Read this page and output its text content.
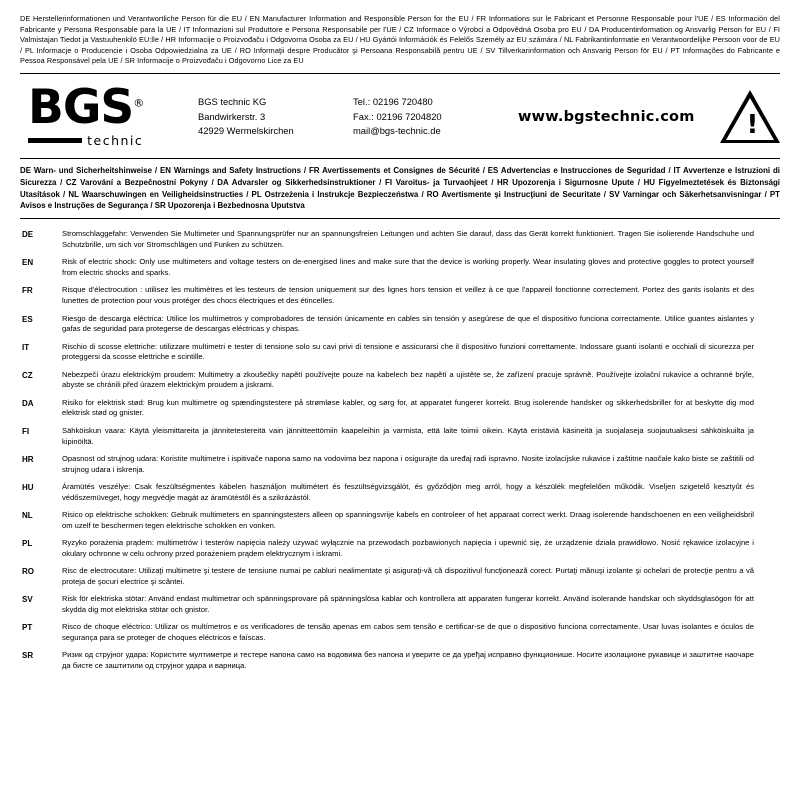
DE Herstellerinformationen und Verantwortliche Person für die EU / EN Manufacturer Information and Responsible Person for the EU / FR Informations sur le Fabricant et Personne Responsable pour l'UE / ES Información del Fabricante y Persona Responsable para la UE / IT Informazioni sul Produttore e Persona Responsabile per l'UE / CZ Informace o Výrobci a Odpovědná Osoba pro EU / DA Producentinformation og Ansvarlig Person for EU / FI Valmistajan Tiedot ja Vastuuhenkilö EU:lle / HR Informacije o Proizvođaču i Odgovorna Osoba za EU / HU Gyártói Információk és Felelős Személy az EU számára / NL Fabrikantinformatie en Verantwoordelijke Persoon voor de EU / PL Informacje o Producencie i Osoba Odpowiedzialna za UE / RO Informaţii despre Producător şi Persoana Responsabilă pentru UE / SV Tillverkarinformation och Ansvarig Person för EU / PT Informações do Fabricante e Pessoa Responsável pela UE / SR Informacije o Proizvođaču i Odgovorno Lice za EU
BGS®
technic
BGS technic KG
Bandwirkerstr. 3
42929 Wermelskirchen
Tel.: 02196 720480
Fax.: 02196 7204820
mail@bgs-technic.de
www.bgstechnic.com !
DE Warn- und Sicherheitshinweise / EN Warnings and Safety Instructions / FR Avertissements et Consignes de Sécurité / ES Advertencias e Instrucciones de Seguridad / IT Avvertenze e Istruzioni di Sicurezza / CZ Varování a Bezpečnostní Pokyny / DA Advarsler og Sikkerhedsinstruktioner / FI Varoitus- ja Turvaohjeet / HR Upozorenja i Sigurnosne Upute / HU Figyelmeztetések és Biztonsági Utasítások / NL Waarschuwingen en Veiligheidsinstructies / PL Ostrzeżenia i Instrukcje Bezpieczeństwa / RO Avertismente şi Instrucţiuni de Securitate / SV Varningar och Säkerhetsanvisningar / PT Avisos e Instruções de Segurança / SR Upozorenja i Bezbednosna Uputstva
DE	Stromschlaggefahr: Verwenden Sie Multimeter und Spannungsprüfer nur an spannungsfreien Leitungen und achten Sie darauf, dass das Gerät korrekt funktioniert. Tragen Sie isolierende Handschuhe und Schutzbrille, um sich vor Stromschlägen und Funken zu schützen.
EN	Risk of electric shock: Only use multimeters and voltage testers on de-energised lines and make sure that the device is working properly. Wear insulating gloves and protective goggles to protect yourself from electric shocks and sparks.
FR	Risque d'électrocution : utilisez les multimètres et les testeurs de tension uniquement sur des lignes hors tension et veillez à ce que l'appareil fonctionne correctement. Portez des gants isolants et des lunettes de protection pour vous protéger des chocs électriques et des étincelles.
ES	Riesgo de descarga eléctrica: Utilice los multímetros y comprobadores de tensión únicamente en cables sin tensión y asegúrese de que el dispositivo funciona correctamente. Utilice guantes aislantes y gafas de seguridad para protegerse de descargas eléctricas y chispas.
IT	Rischio di scosse elettriche: utilizzare multimetri e tester di tensione solo su cavi privi di tensione e assicurarsi che il dispositivo funzioni correttamente. Indossare guanti isolanti e occhiali di sicurezza per proteggersi da scosse elettriche e scintille.
CZ	Nebezpečí úrazu elektrickým proudem: Multimetry a zkoušečky napětí používejte pouze na kabelech bez napětí a ujistěte se, že zařízení pracuje správně. Používejte izolační rukavice a ochranné brýle, abyste se chránili před úrazem elektrickým proudem a jiskrami.
DA	Risiko for elektrisk stød: Brug kun multimetre og spændingstestere på strømløse kabler, og sørg for, at apparatet fungerer korrekt. Brug isolerende handsker og sikkerhedsbriller for at beskytte dig mod elektrisk stød og gnister.
FI	Sähköiskun vaara: Käytä yleismittareita ja jännitetestereitä vain jännitteettömiin kaapeleihin ja varmista, että laite toimii oikein. Käytä eristäviä käsineitä ja suojalaseja suojautuaksesi sähköiskuilta ja kipinöiltä.
HR	Opasnost od strujnog udara: Koristite multimetre i ispitivače napona samo na vodovima bez napona i osigurajte da uređaj radi ispravno. Nosite izolacijske rukavice i zaštitne naočale kako biste se zaštitili od strujnog udara i iskrenja.
HU	Áramütés veszélye: Csak feszültségmentes kábelen használjon multimétert és feszültségvizsgálót, és győződjön meg arról, hogy a készülék megfelelően működik. Viseljen szigetelő kesztyűt és védőszemüveget, hogy megvédje magát az áramütéstől és a szikrázástól.
NL	Risico op elektrische schokken: Gebruik multimeters en spanningstesters alleen op spanningsvrije kabels en controleer of het apparaat correct werkt. Draag isolerende handschoenen en een veiligheidsbril om uzelf te beschermen tegen elektrische schokken en vonken.
PL	Ryzyko porażenia prądem: multimetrów i testerów napięcia należy używać wyłącznie na przewodach pozbawionych napięcia i upewnić się, że urządzenie działa prawidłowo. Nosić rękawice izolacyjne i okulary ochronne w celu ochrony przed porażeniem prądem elektrycznym i iskrami.
RO	Risc de electrocutare: Utilizaţi multimetre şi testere de tensiune numai pe cabluri nealimentate şi asiguraţi-vă că dispozitivul funcţionează corect. Purtaţi mănuşi izolante şi ochelari de protecţie pentru a vă proteja de şocuri electrice şi scântei.
SV	Risk för elektriska stötar: Använd endast multimetrar och spänningsprovare på spänningslösa kablar och kontrollera att apparaten fungerar korrekt. Använd isolerande handskar och skyddsglasögon för att skydda dig mot elektriska stötar och gnistor.
PT	Risco de choque eléctrico: Utilizar os multímetros e os verificadores de tensão apenas em cabos sem tensão e certificar-se de que o dispositivo funciona correctamente. Usar luvas isolantes e óculos de segurança para se proteger de choques eléctricos e faíscas.
SR	Ризик од струјног удара: Користите мултиметре и тестере напона само на водовима без напона и уверите се да уређај исправно функционише. Носите изолационе рукавице и заштитне наочаре да бисте се заштитили од струјног удара и варница.
